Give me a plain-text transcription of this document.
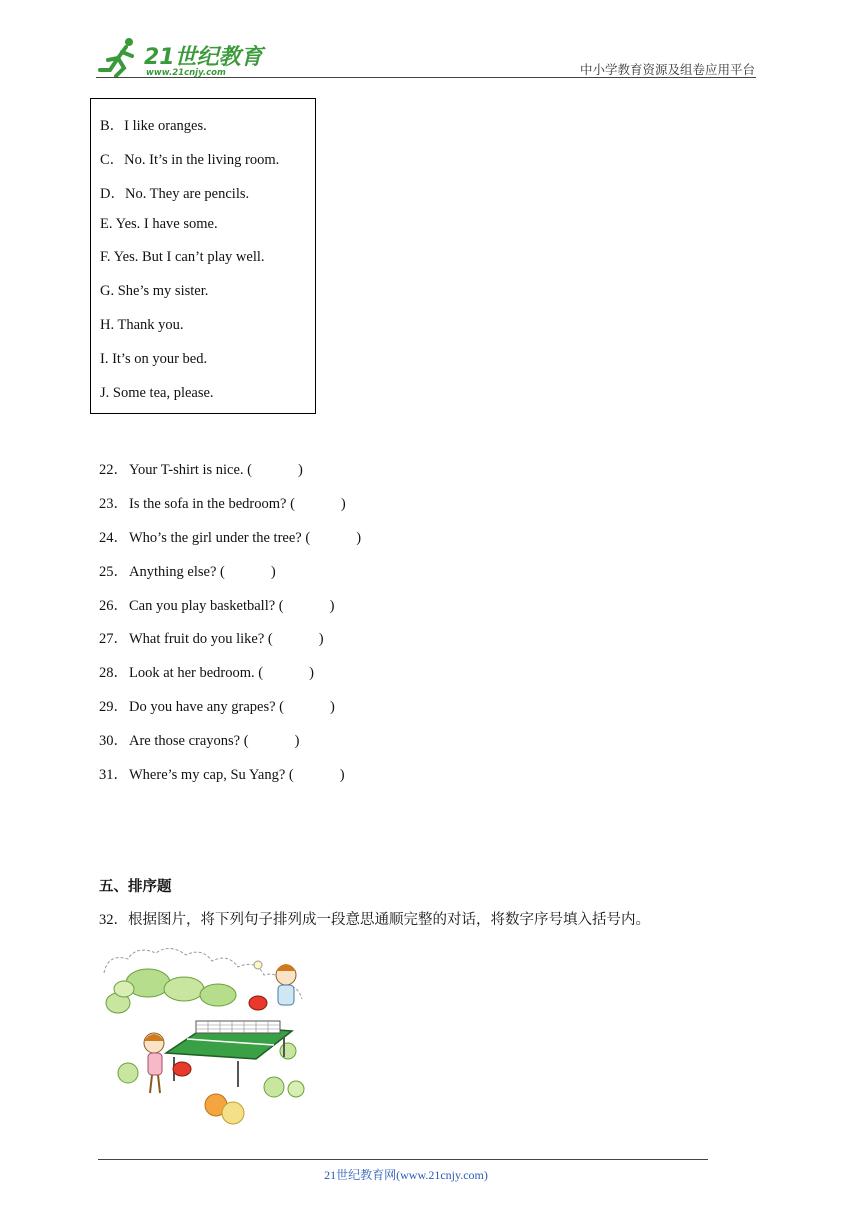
21世纪教育
www.21cnjy.com	中小学教育资源及组卷应用平台
B．I like oranges.
C．No. It’s in the living room.
D．No. They are pencils.
E. Yes. I have some.
F. Yes. But I can’t play well.
G. She’s my sister.
H. Thank you.
I. It’s on your bed.
J. Some tea, please.
22．Your T-shirt is nice. (	)
23．Is the sofa in the bedroom? (	)
24．Who’s the girl under the tree? (	)
25．Anything else? (	)
26．Can you play basketball? (	)
27．What fruit do you like? (	)
28．Look at her bedroom. (	)
29．Do you have any grapes? (	)
30．Are those crayons? (	)
31．Where’s my cap, Su Yang? (	)
五、排序题
32．根据图片，将下列句子排列成一段意思通顺完整的对话，将数字序号填入括号内。
21世纪教育网(www.21cnjy.com)
